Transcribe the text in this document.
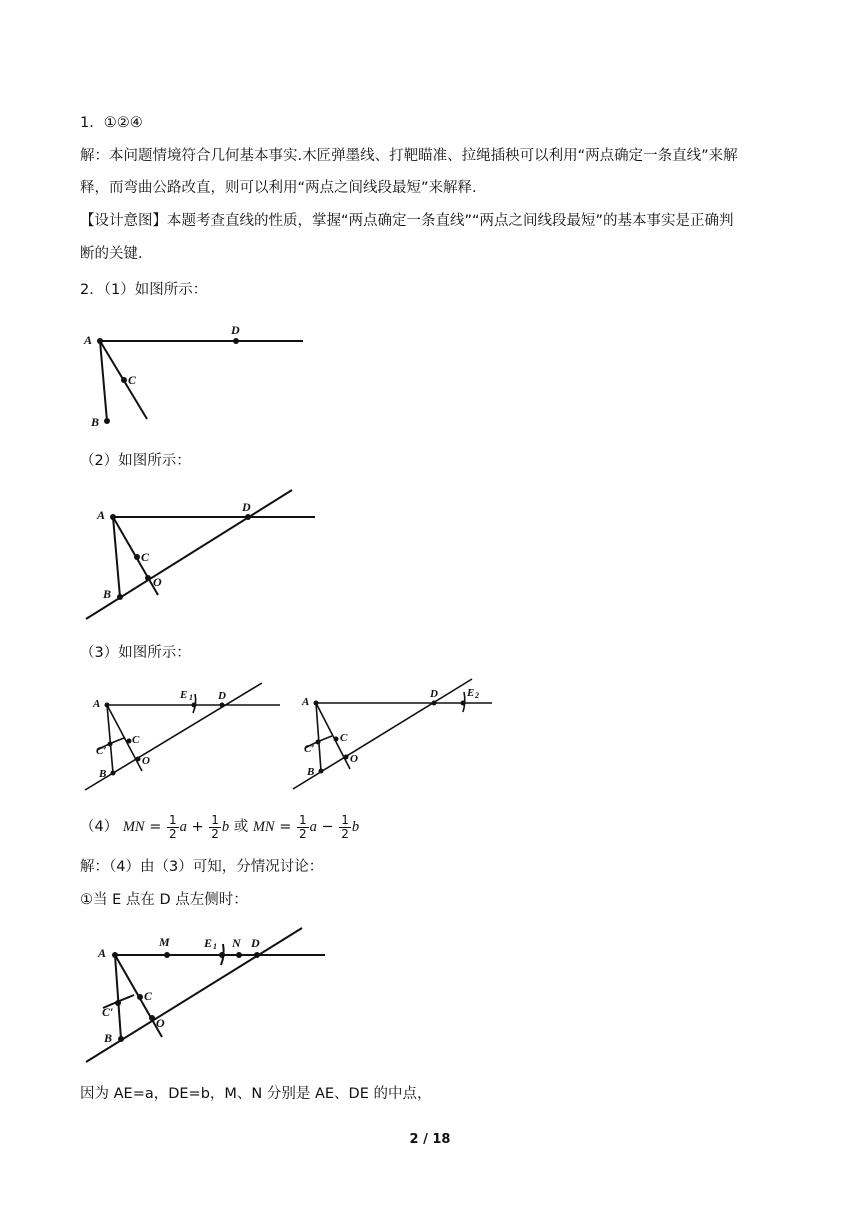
1．①②④
解：本问题情境符合几何基本事实.木匠弹墨线、打靶瞄准、拉绳插秧可以利用“两点确定一条直线”来解
释，而弯曲公路改直，则可以利用“两点之间线段最短”来解释.
【设计意图】本题考查直线的性质，掌握“两点确定一条直线”“两点之间线段最短”的基本事实是正确判
断的关键.
2．（1）如图所示：
A
D
C
B
（2）如图所示：
A
D
C
O
B
（3）如图所示：
A
D
E 1
C′
C
O
B
A
D	E 2
C′
C
O
B
（4） MN = $\frac{1}{2}$ $a + \frac{1}{2}$ b 或 MN = $\frac{1}{2}$ $a - \frac{1}{2}$ b
解：（4）由（3）可知，分情况讨论：
①当 E 点在 D 点左侧时：
A
M	E 1 N D
C′
C
O
B
因为 AE=a，DE=b，M、N 分别是 AE、DE 的中点，
2 / 18
